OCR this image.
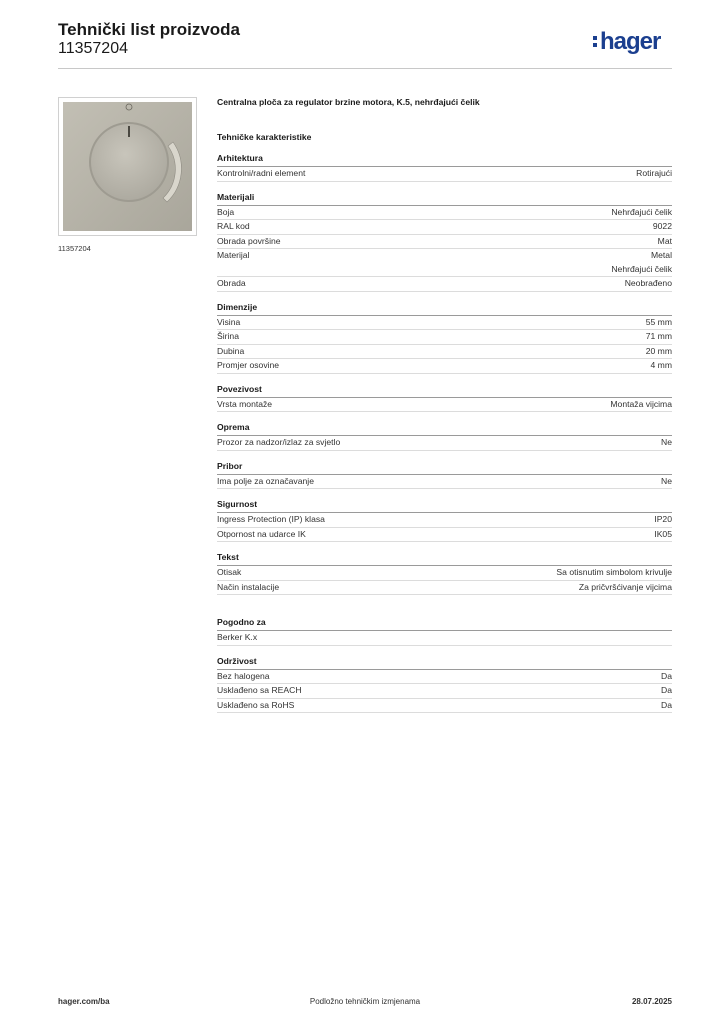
Tehnički list proizvoda
11357204	hager
11357204
Centralna ploča za regulator brzine motora, K.5, nehrđajući čelik
Tehničke karakteristike
Arhitektura
Kontrolni/radni element	Rotirajući
Materijali
Boja	Nehrđajući čelik
RAL kod	9022
Obrada površine	Mat
Materijal	Metal
Nehrđajući čelik
Obrada	Neobrađeno
Dimenzije
Visina	55 mm
Širina	71 mm
Dubina	20 mm
Promjer osovine	4 mm
Povezivost
Vrsta montaže	Montaža vijcima
Oprema
Prozor za nadzor/izlaz za svjetlo	Ne
Pribor
Ima polje za označavanje	Ne
Sigurnost
Ingress Protection (IP) klasa	IP20
Otpornost na udarce IK	IK05
Tekst
Otisak	Sa otisnutim simbolom krivulje
Način instalacije	Za pričvršćivanje vijcima
Pogodno za
Berker K.x
Održivost
Bez halogena	Da
Usklađeno sa REACH	Da
Usklađeno sa RoHS	Da
hager.com/ba	Podložno tehničkim izmjenama	28.07.2025
